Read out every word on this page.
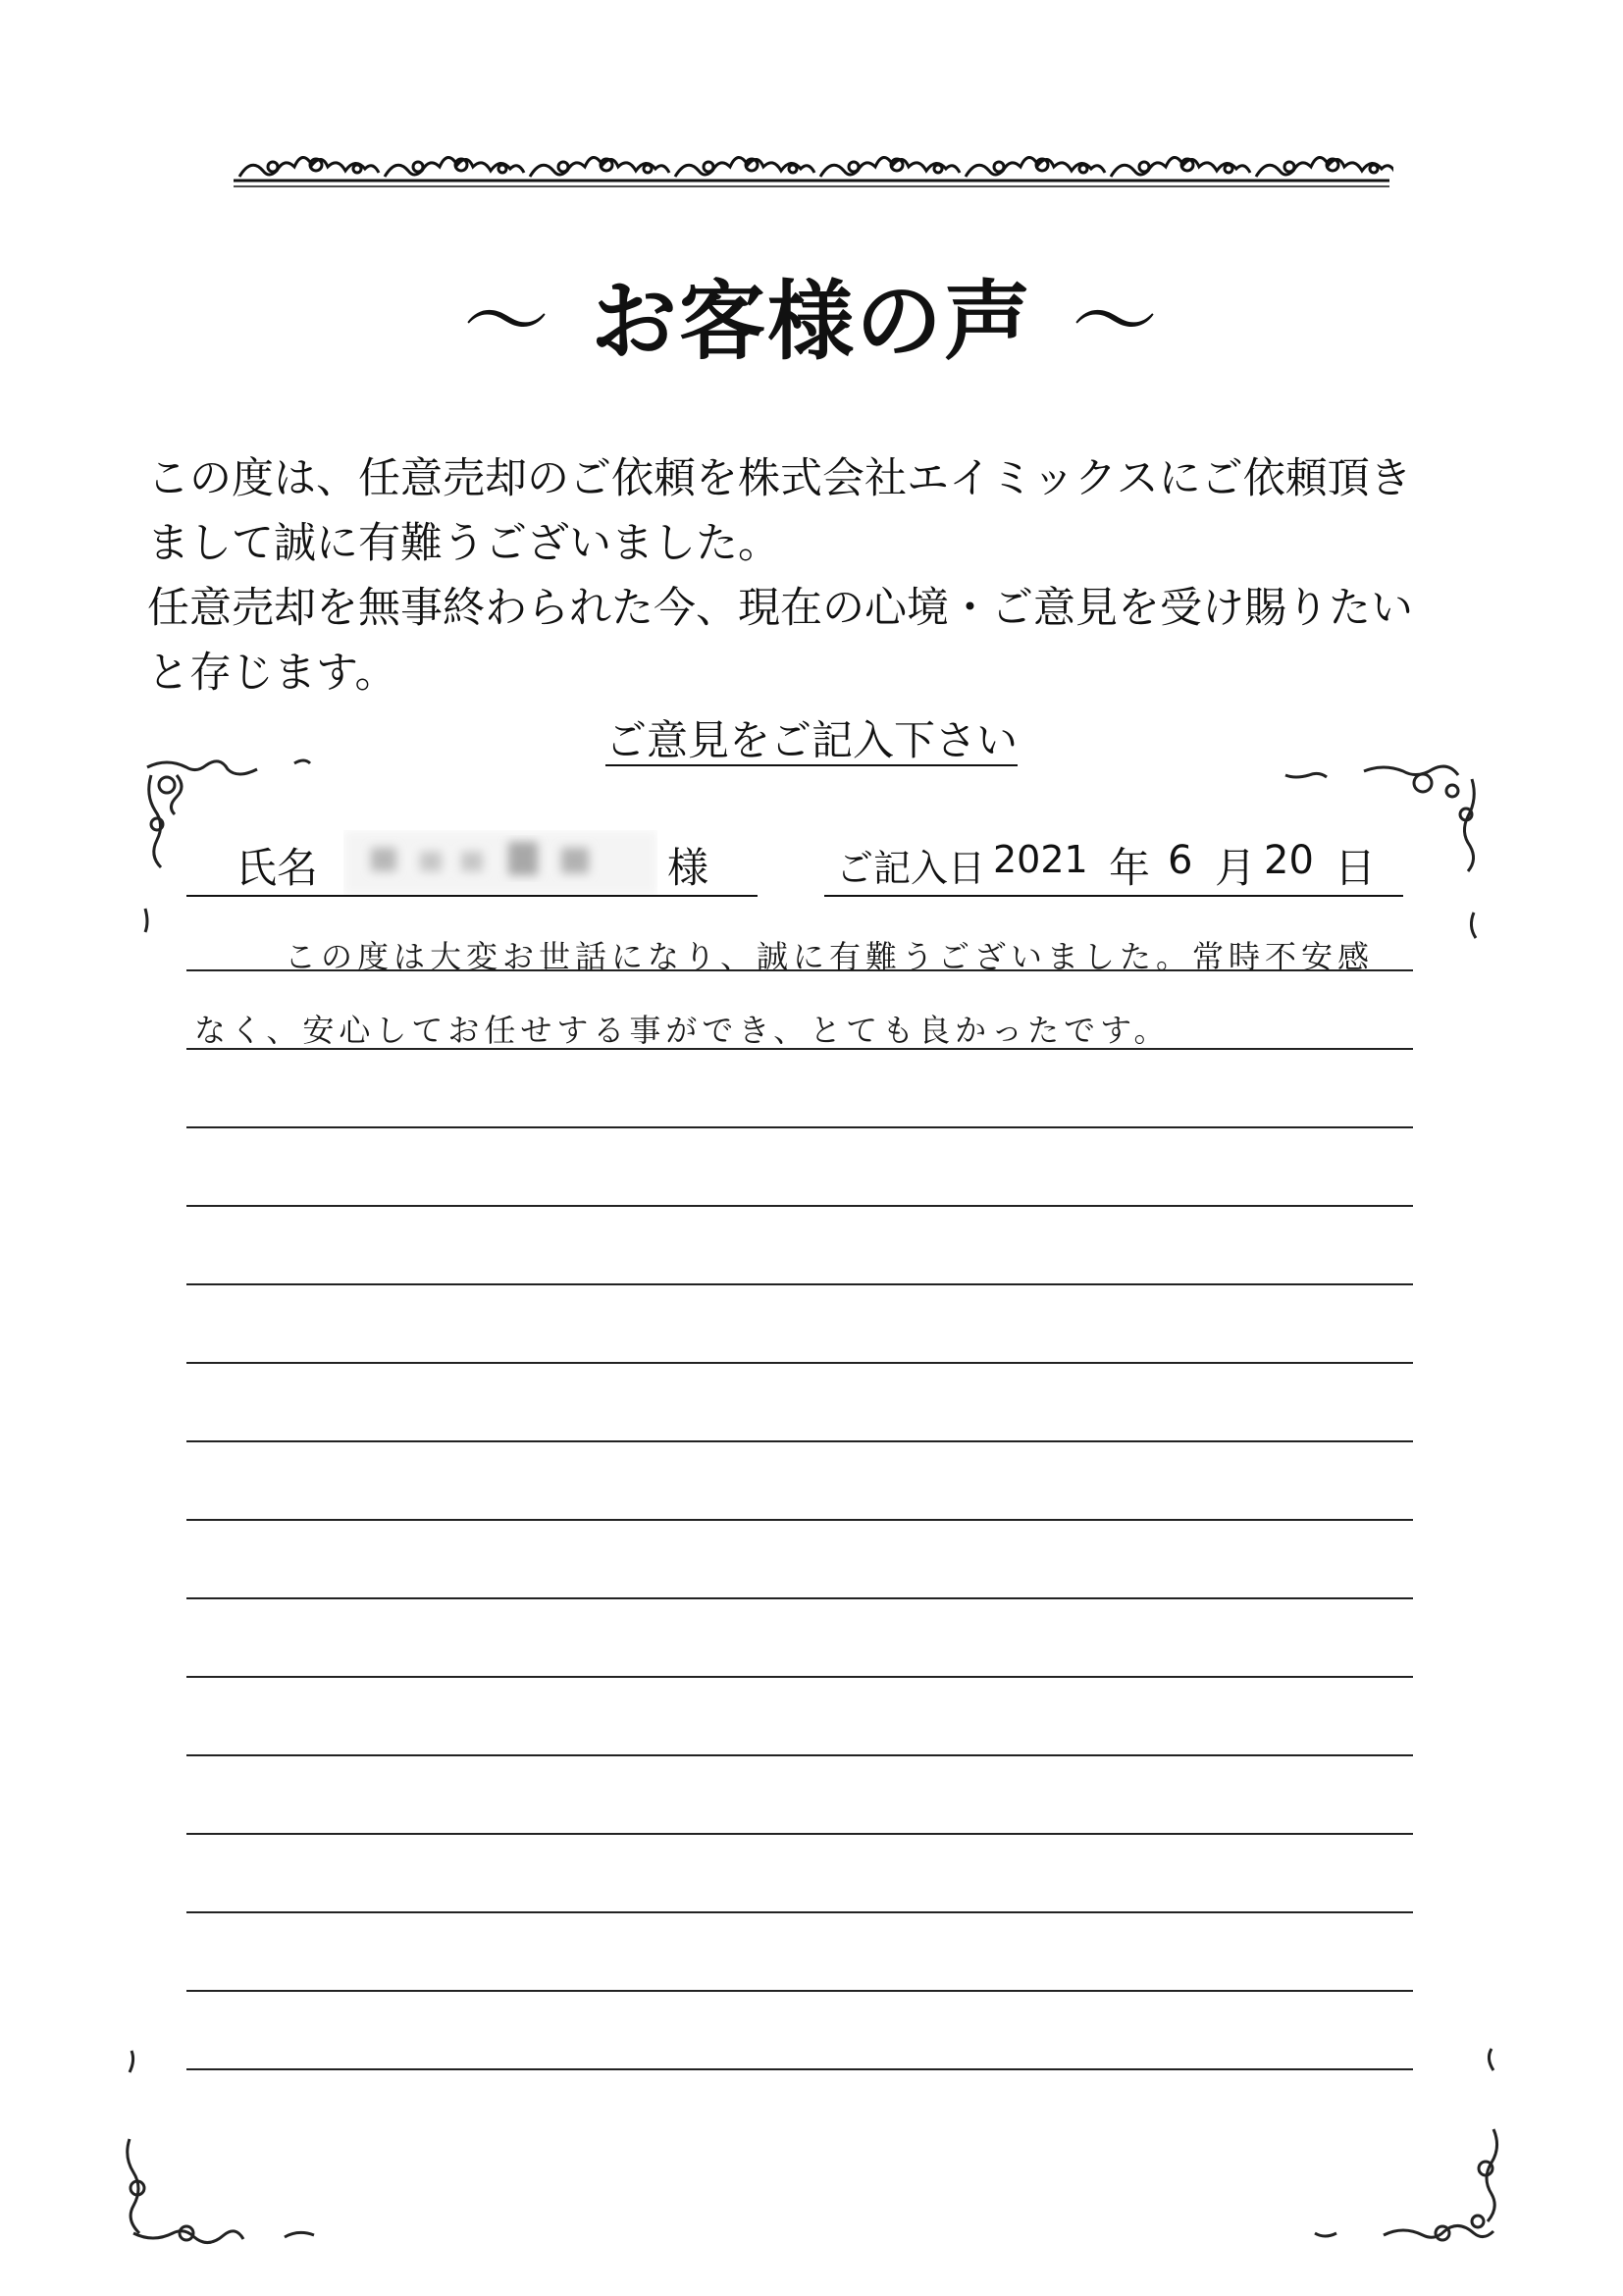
～ お客様の声 ～
この度は、任意売却のご依頼を株式会社エイミックスにご依頼頂き
まして誠に有難うございました。
任意売却を無事終わられた今、現在の心境・ご意見を受け賜りたい
と存じます。
ご意見をご記入下さい
氏名	様	ご記入日 2021 年 6 月 20 日
この度は大変お世話になり、誠に有難うございました。常時不安感
なく、安心してお任せする事ができ、とても良かったです。
